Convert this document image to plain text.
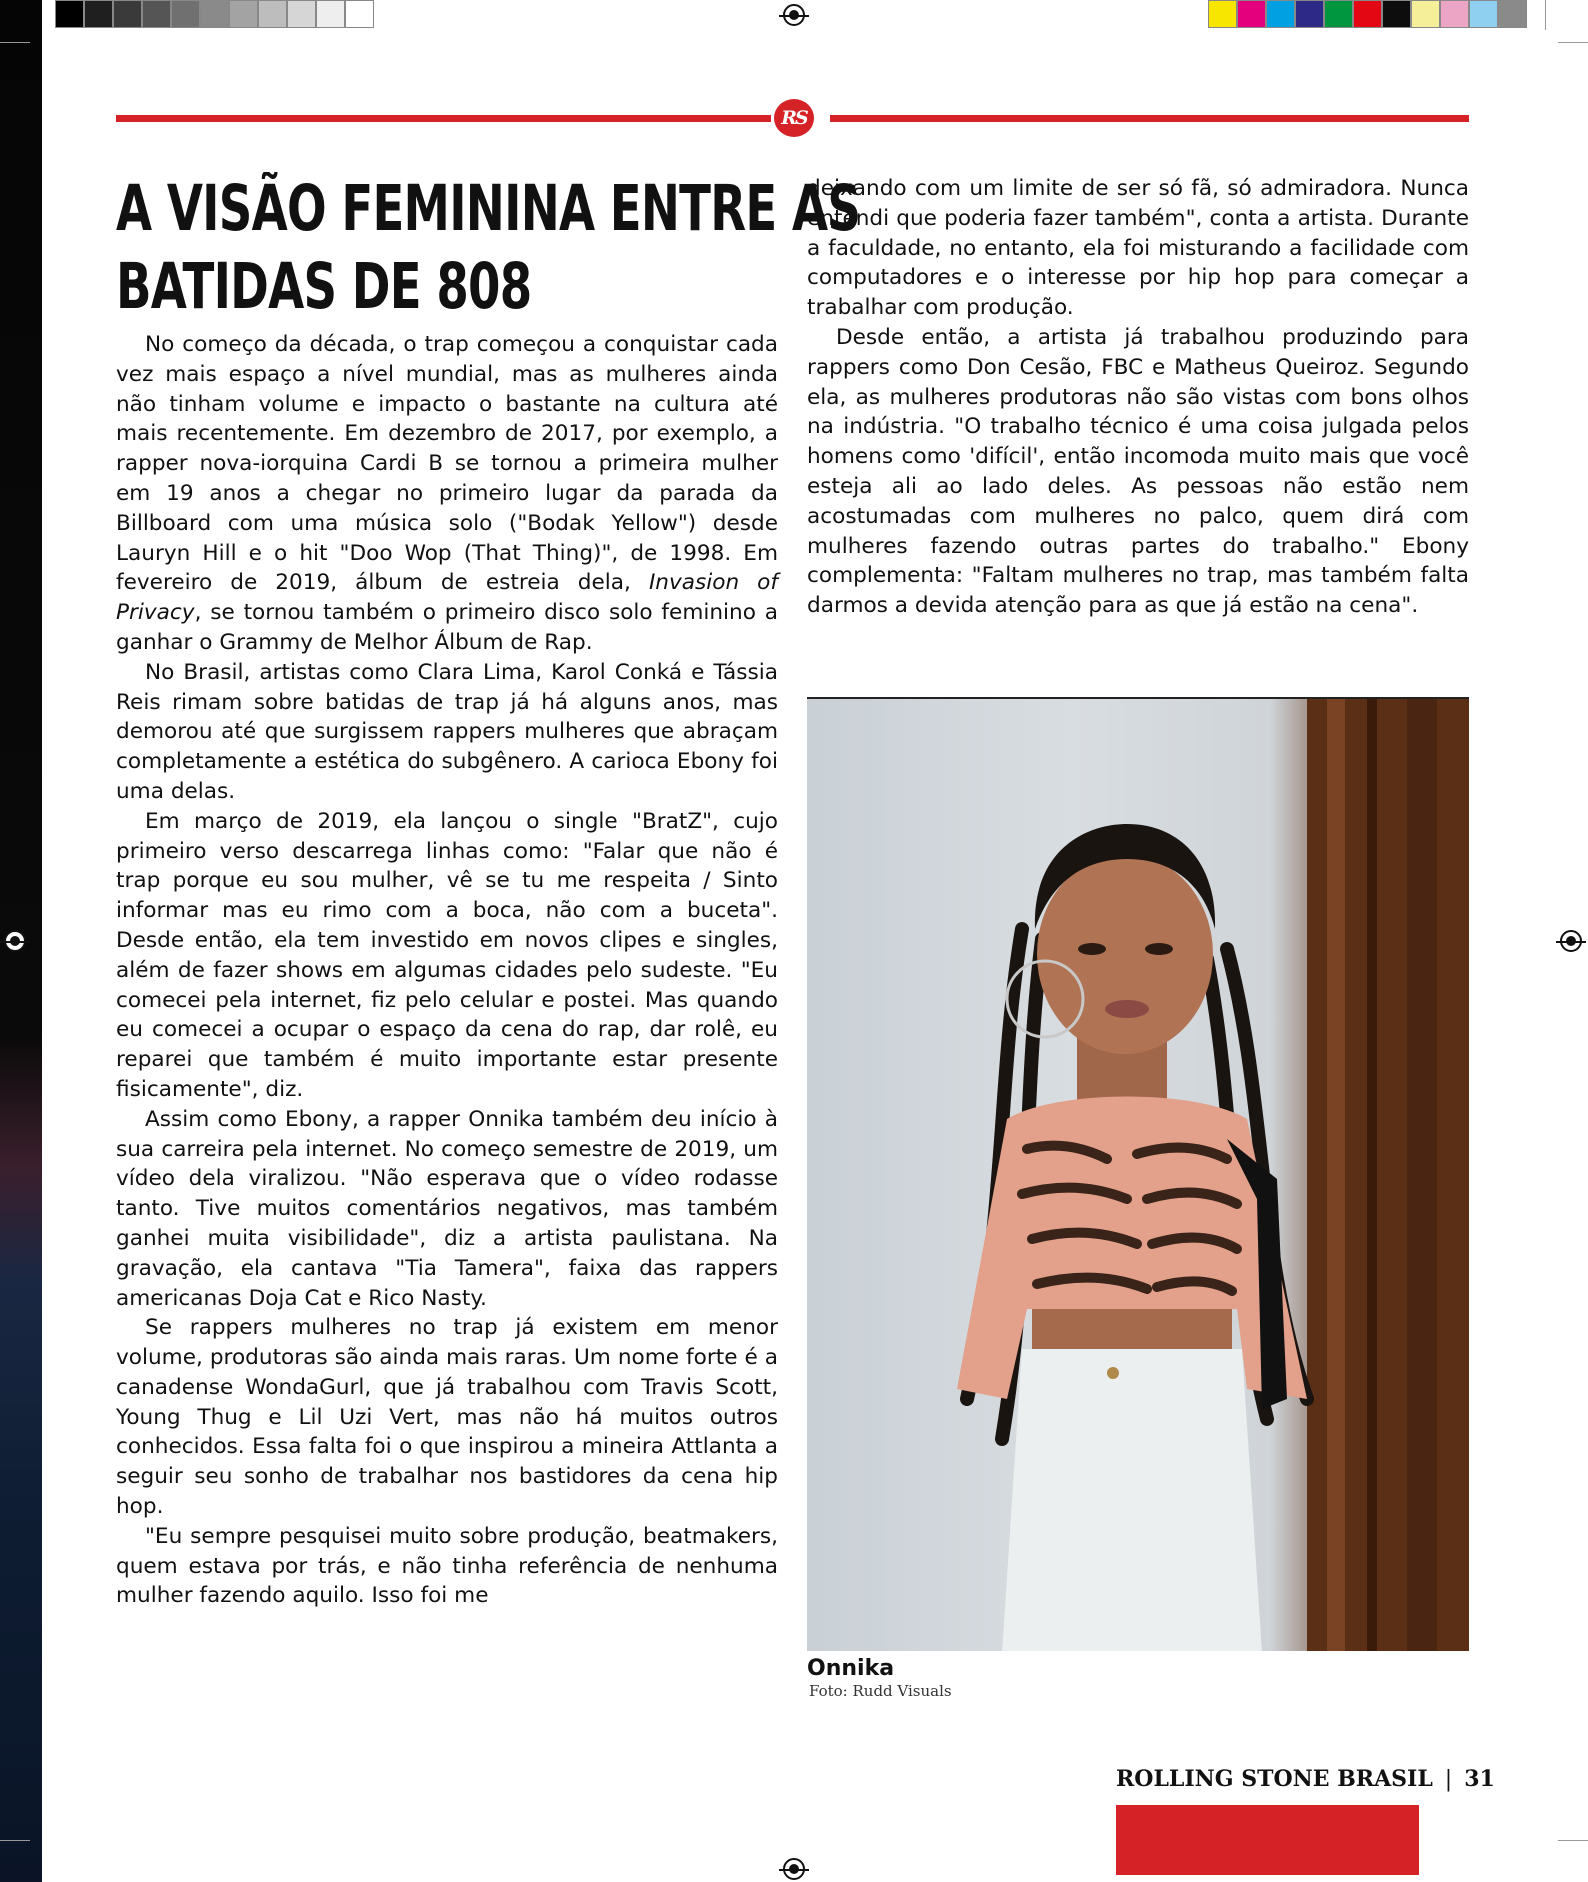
RS
A VISÃO FEMININA ENTRE AS
BATIDAS DE 808

No começo da década, o trap começou a conquistar cada vez mais espaço a nível mundial, mas as mulheres ainda não tinham volume e impacto o bastante na cultura até mais recentemente. Em dezembro de 2017, por exemplo, a rapper nova-iorquina Cardi B se tornou a primeira mulher em 19 anos a chegar no primeiro lugar da parada da Billboard com uma música solo ("Bodak Yellow") desde Lauryn Hill e o hit "Doo Wop (That Thing)", de 1998. Em fevereiro de 2019, álbum de estreia dela, Invasion of Privacy, se tornou também o primeiro disco solo feminino a ganhar o Grammy de Melhor Álbum de Rap.

No Brasil, artistas como Clara Lima, Karol Conká e Tássia Reis rimam sobre batidas de trap já há alguns anos, mas demorou até que surgissem rappers mulheres que abraçam completamente a estética do subgênero. A carioca Ebony foi uma delas.

Em março de 2019, ela lançou o single "BratZ", cujo primeiro verso descarrega linhas como: "Falar que não é trap porque eu sou mulher, vê se tu me respeita / Sinto informar mas eu rimo com a boca, não com a buceta". Desde então, ela tem investido em novos clipes e singles, além de fazer shows em algumas cidades pelo sudeste. "Eu comecei pela internet, fiz pelo celular e postei. Mas quando eu comecei a ocupar o espaço da cena do rap, dar rolê, eu reparei que também é muito importante estar presente fisicamente", diz.

Assim como Ebony, a rapper Onnika também deu início à sua carreira pela internet. No começo semestre de 2019, um vídeo dela viralizou. "Não esperava que o vídeo rodasse tanto. Tive muitos comentários negativos, mas também ganhei muita visibilidade", diz a artista paulistana. Na gravação, ela cantava "Tia Tamera", faixa das rappers americanas Doja Cat e Rico Nasty.

Se rappers mulheres no trap já existem em menor volume, produtoras são ainda mais raras. Um nome forte é a canadense WondaGurl, que já trabalhou com Travis Scott, Young Thug e Lil Uzi Vert, mas não há muitos outros conhecidos. Essa falta foi o que inspirou a mineira Attlanta a seguir seu sonho de trabalhar nos bastidores da cena hip hop.

"Eu sempre pesquisei muito sobre produção, beatmakers, quem estava por trás, e não tinha referência de nenhuma mulher fazendo aquilo. Isso foi me

deixando com um limite de ser só fã, só admiradora. Nunca entendi que poderia fazer também", conta a artista. Durante a faculdade, no entanto, ela foi misturando a facilidade com computadores e o interesse por hip hop para começar a trabalhar com produção.

Desde então, a artista já trabalhou produzindo para rappers como Don Cesão, FBC e Matheus Queiroz. Segundo ela, as mulheres produtoras não são vistas com bons olhos na indústria. "O trabalho técnico é uma coisa julgada pelos homens como 'difícil', então incomoda muito mais que você esteja ali ao lado deles. As pessoas não estão nem acostumadas com mulheres no palco, quem dirá com mulheres fazendo outras partes do trabalho." Ebony complementa: "Faltam mulheres no trap, mas também falta darmos a devida atenção para as que já estão na cena".

Onnika
Foto: Rudd Visuals
ROLLING STONE BRASIL | 31
